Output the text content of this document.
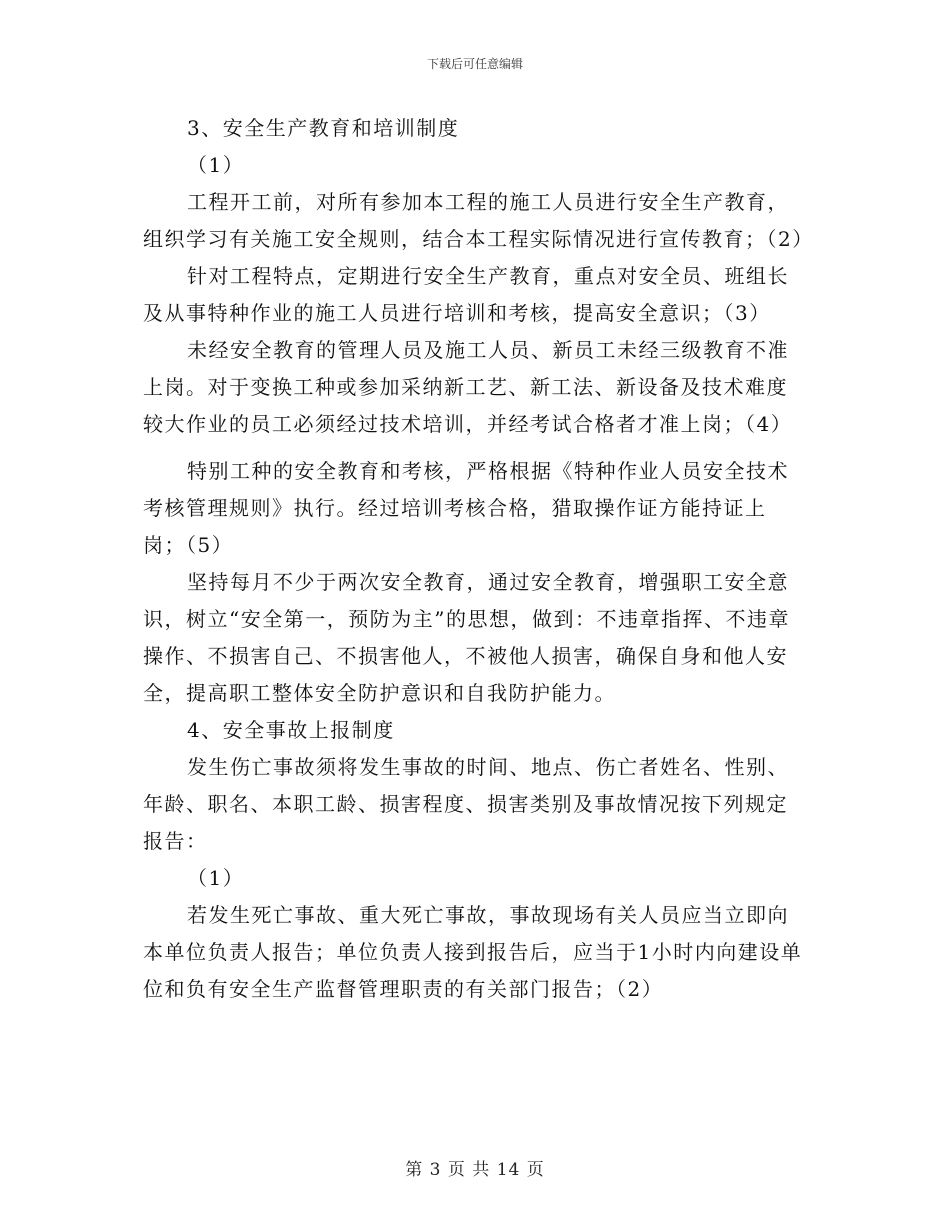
下载后可任意编辑

3、安全生产教育和培训制度

（1）

工程开工前，对所有参加本工程的施工人员进行安全生产教育，组织学习有关施工安全规则，结合本工程实际情况进行宣传教育；（2）

针对工程特点，定期进行安全生产教育，重点对安全员、班组长及从事特种作业的施工人员进行培训和考核，提高安全意识；（3）

未经安全教育的管理人员及施工人员、新员工未经三级教育不准上岗。对于变换工种或参加采纳新工艺、新工法、新设备及技术难度较大作业的员工必须经过技术培训，并经考试合格者才准上岗；（4）

特别工种的安全教育和考核，严格根据《特种作业人员安全技术考核管理规则》执行。经过培训考核合格，猎取操作证方能持证上岗；（5）

坚持每月不少于两次安全教育，通过安全教育，增强职工安全意识，树立“安全第一，预防为主”的思想，做到：不违章指挥、不违章操作、不损害自己、不损害他人，不被他人损害，确保自身和他人安全，提高职工整体安全防护意识和自我防护能力。

4、安全事故上报制度

发生伤亡事故须将发生事故的时间、地点、伤亡者姓名、性别、年龄、职名、本职工龄、损害程度、损害类别及事故情况按下列规定报告：

（1）

若发生死亡事故、重大死亡事故，事故现场有关人员应当立即向本单位负责人报告；单位负责人接到报告后，应当于1小时内向建设单位和负有安全生产监督管理职责的有关部门报告；（2）

第 3 页 共 14 页
